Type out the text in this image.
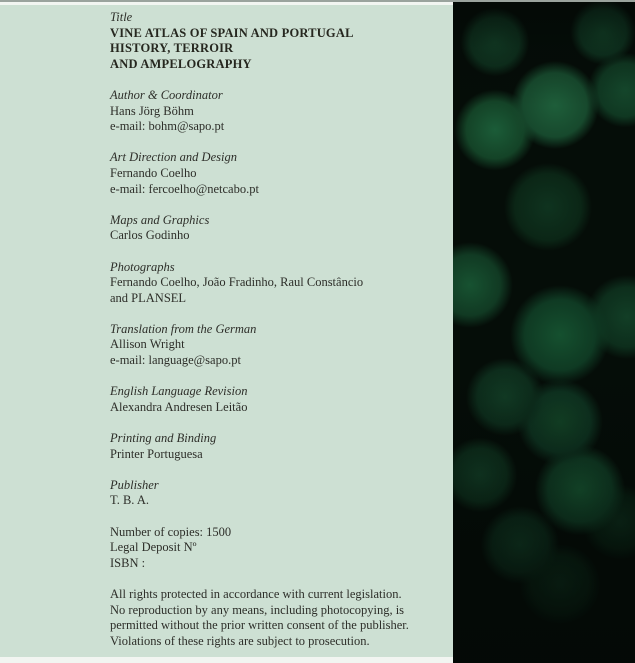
Title
VINE ATLAS OF SPAIN AND PORTUGAL
HISTORY, TERROIR
AND AMPELOGRAPHY
Author & Coordinator
Hans Jörg Böhm
e-mail: bohm@sapo.pt
Art Direction and Design
Fernando Coelho
e-mail: fercoelho@netcabo.pt
Maps and Graphics
Carlos Godinho
Photographs
Fernando Coelho, João Fradinho, Raul Constâncio
and PLANSEL
Translation from the German
Allison Wright
e-mail: language@sapo.pt
English Language Revision
Alexandra Andresen Leitão
Printing and Binding
Printer Portuguesa
Publisher
T. B. A.
Number of copies: 1500
Legal Deposit Nº
ISBN :
All rights protected in accordance with current legislation.
No reproduction by any means, including photocopying, is
permitted without the prior written consent of the publisher.
Violations of these rights are subject to prosecution.
